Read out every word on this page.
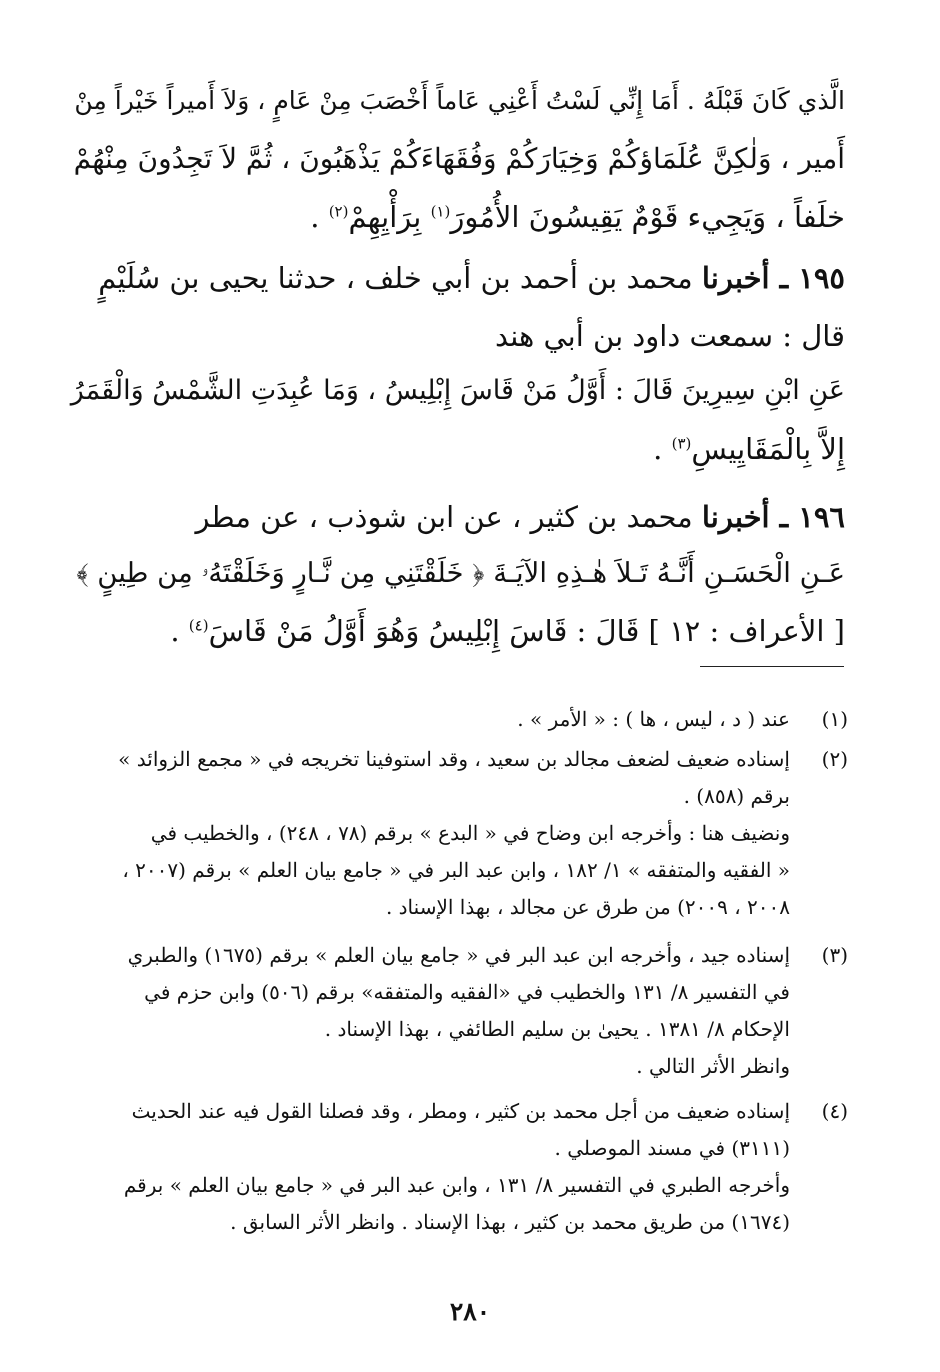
الَّذي كَانَ قَبْلَهُ . أَمَا إِنِّي لَسْتُ أَعْنِي عَاماً أَخْصَبَ مِنْ عَامٍ ، وَلاَ أَميراً خَيْراً مِنْ
أَمير ، وَلٰكِنَّ عُلَمَاؤكُمْ وَخِيَارَكُمْ وَفُقَهَاءَكُمْ يَذْهَبُونَ ، ثُمَّ لاَ تَجِدُونَ مِنْهُمْ
خلَفاً ، وَيَجِيء قَوْمٌ يَقِيسُونَ الأُمُورَ$^{(١)}$ بِرَأْيِهِمْ$^{(٢)}$ .
١٩٥ ـ أخبرنا محمد بن أحمد بن أبي خلف ، حدثنا يحيى بن سُلَيْمٍ
قال : سمعت داود بن أبي هند
عَنِ ابْنِ سِيرِينَ قَالَ : أَوَّلُ مَنْ قَاسَ إِبْلِيسُ ، وَمَا عُبِدَتِ الشَّمْسُ وَالْقَمَرُ
إِلاَّ بِالْمَقَايِيسِ$^{(٣)}$ .
١٩٦ ـ أخبرنا محمد بن كثير ، عن ابن شوذب ، عن مطر
عَـنِ الْحَسَـنِ أَنَّـهُ تَـلاَ هٰـذِهِ الآيَـةَ ﴿ خَلَقْتَنِي مِن نَّـارٍ وَخَلَقْتَهُۥ مِن طِينٍ ﴾
[ الأعراف : ١٢ ] قَالَ : قَاسَ إِبْلِيسُ وَهُوَ أَوَّلُ مَنْ قَاسَ$^{(٤)}$ .
(١)عند ( د ، ليس ، ها ) : « الأمر » .
(٢)إسناده ضعيف لضعف مجالد بن سعيد ، وقد استوفينا تخريجه في « مجمع الزوائد »
برقم (٨٥٨) .
ونضيف هنا : وأخرجه ابن وضاح في « البدع » برقم (٧٨ ، ٢٤٨) ، والخطيب في
« الفقيه والمتفقه » ١/ ١٨٢ ، وابن عبد البر في « جامع بيان العلم » برقم (٢٠٠٧ ،
٢٠٠٨ ، ٢٠٠٩) من طرق عن مجالد ، بهذا الإسناد .
(٣)إسناده جيد ، وأخرجه ابن عبد البر في « جامع بيان العلم » برقم (١٦٧٥) والطبري
في التفسير ٨/ ١٣١ والخطيب في «الفقيه والمتفقه» برقم (٥٠٦) وابن حزم في
الإحكام ٨/ ١٣٨١ . يحيىٰ بن سليم الطائفي ، بهذا الإسناد .
وانظر الأثر التالي .
(٤)إسناده ضعيف من أجل محمد بن كثير ، ومطر ، وقد فصلنا القول فيه عند الحديث
(٣١١١) في مسند الموصلي .
وأخرجه الطبري في التفسير ٨/ ١٣١ ، وابن عبد البر في « جامع بيان العلم » برقم
(١٦٧٤) من طريق محمد بن كثير ، بهذا الإسناد . وانظر الأثر السابق .
٢٨٠
